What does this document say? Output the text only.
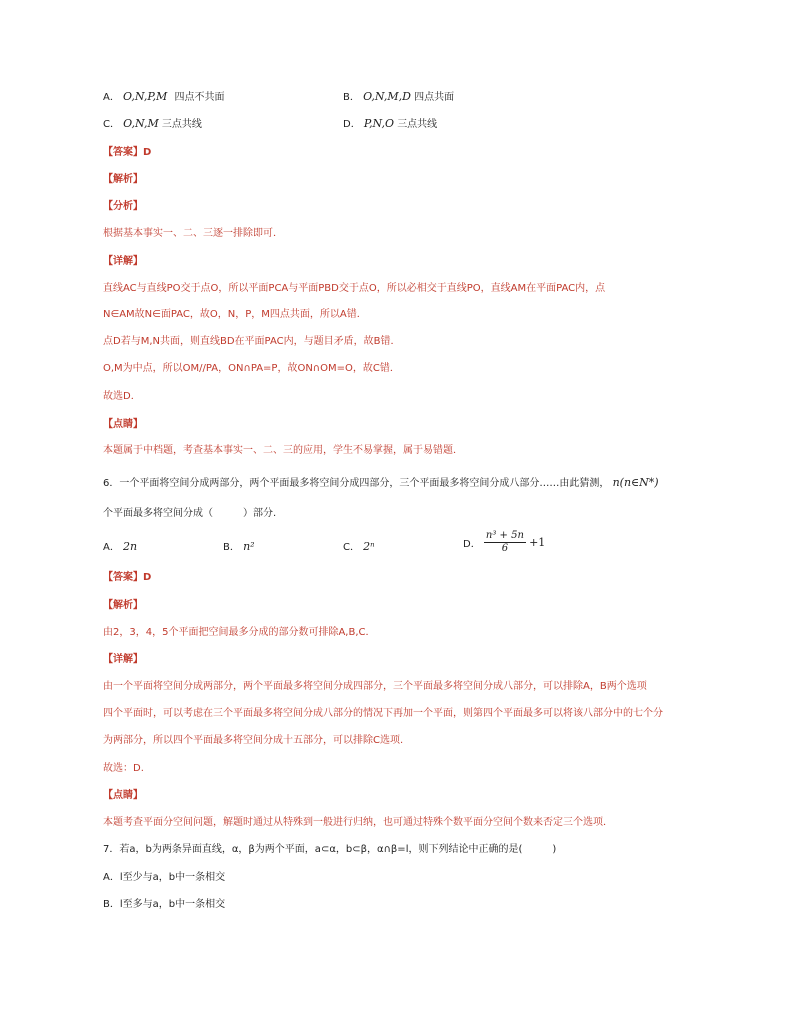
A． O,N,P,M 四点不共面	B． O,N,M,D 四点共面
C． O,N,M 三点共线	D． P,N,O 三点共线
【答案】D
【解析】
【分析】
根据基本事实一、二、三逐一排除即可．
【详解】
直线AC与直线PO交于点O，所以平面PCA与平面PBD交于点O，所以必相交于直线PO，直线AM在平面PAC内，点
N∈AM故N∈面PAC，故O，N，P，M四点共面，所以A错．
点D若与M,N共面，则直线BD在平面PAC内，与题目矛盾，故B错．
O,M为中点，所以OM//PA，ON∩PA=P，故ON∩OM=O，故C错．
故选D．
【点睛】
本题属于中档题，考查基本事实一、二、三的应用，学生不易掌握，属于易错题．
6．一个平面将空间分成两部分，两个平面最多将空间分成四部分，三个平面最多将空间分成八部分……由此猜测， n(n∈N*)
个平面最多将空间分成（　　　）部分.
A． 2n	B． n²	C． 2ⁿ	D． $\frac{\text{n³ + 5n}}{6} +1$
【答案】D
【解析】
由2，3，4，5个平面把空间最多分成的部分数可排除A,B,C．
【详解】
由一个平面将空间分成两部分，两个平面最多将空间分成四部分，三个平面最多将空间分成八部分，可以排除A，B两个选项
四个平面时，可以考虑在三个平面最多将空间分成八部分的情况下再加一个平面，则第四个平面最多可以将该八部分中的七个分
为两部分，所以四个平面最多将空间分成十五部分，可以排除C选项.
故选：D.
【点睛】
本题考查平面分空间问题，解题时通过从特殊到一般进行归纳，也可通过特殊个数平面分空间个数来否定三个选项．
7．若a，b为两条异面直线，α，β为两个平面，a⊂α，b⊂β，α∩β=l，则下列结论中正确的是(　　　)
A．l至少与a，b中一条相交
B．l至多与a，b中一条相交
